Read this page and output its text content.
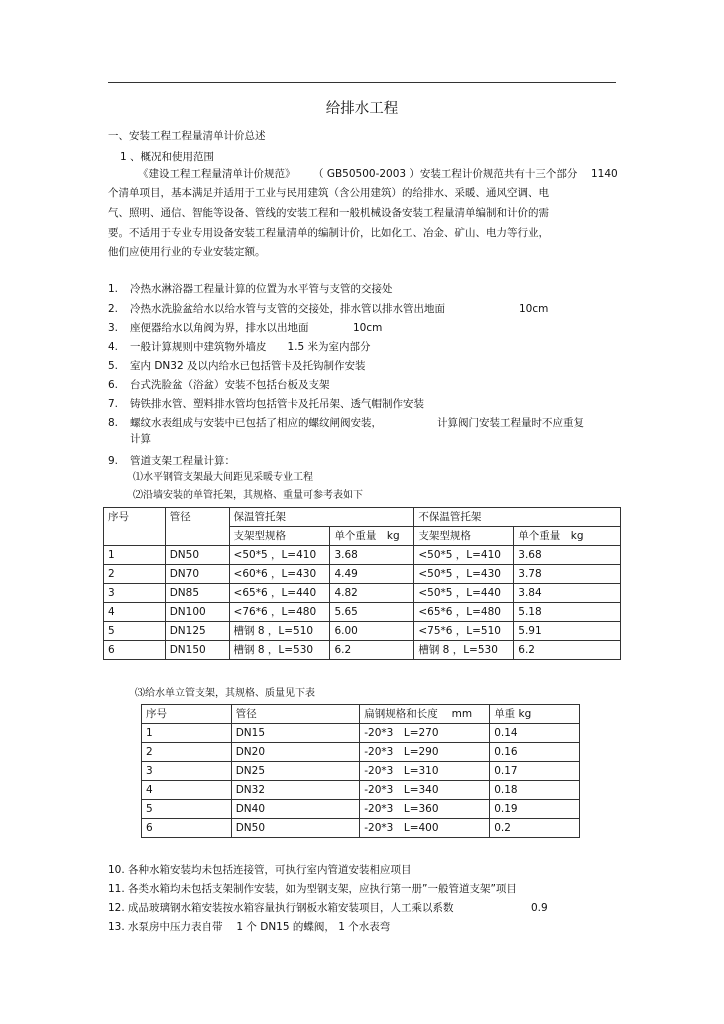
给排水工程
一、安装工程工程量清单计价总述
1 、概况和使用范围
《建设工程工程量清单计价规范》 （ GB50500-2003 ）安装工程计价规范共有十三个部分 1140
个清单项目，基本满足并适用于工业与民用建筑（含公用建筑）的给排水、采暖、通风空调、电
气、照明、通信、智能等设备、管线的安装工程和一般机械设备安装工程量清单编制和计价的需
要。不适用于专业专用设备安装工程量清单的编制计价，比如化工、冶金、矿山、电力等行业，
他们应使用行业的专业安装定额。
1. 冷热水淋浴器工程量计算的位置为水平管与支管的交接处
2. 冷热水洗脸盆给水以给水管与支管的交接处，排水管以排水管出地面	10cm
3. 座便器给水以角阀为界，排水以出地面	10cm
4. 一般计算规则中建筑物外墙皮　　1.5 米为室内部分
5. 室内 DN32 及以内给水已包括管卡及托钩制作安装
6. 台式洗脸盆（浴盆）安装不包括台板及支架
7. 铸铁排水管、塑料排水管均包括管卡及托吊架、透气帽制作安装
8. 螺纹水表组成与安装中已包括了相应的螺纹闸阀安装，	计算阀门安装工程量时不应重复
计算
9. 管道支架工程量计算：
⑴水平钢管支架最大间距见采暖专业工程
⑵沿墙安装的单管托架，其规格、重量可参考表如下
序号	管径	保温管托架		不保温管托架	
		支架型规格	单个重量　kg	支架型规格	单个重量　kg
1	DN50	<50*5 ，L=410	3.68	<50*5 ，L=410	3.68
2	DN70	<60*6 ，L=430	4.49	<50*5 ，L=430	3.78
3	DN85	<65*6 ，L=440	4.82	<50*5 ，L=440	3.84
4	DN100	<76*6 ，L=480	5.65	<65*6 ，L=480	5.18
5	DN125	槽钢 8 ，L=510	6.00	<75*6 ，L=510	5.91
6	DN150	槽钢 8 ，L=530	6.2	槽钢 8 ，L=530	6.2
⑶给水单立管支架，其规格、质量见下表
序号	管径	扁钢规格和长度　 mm	单重 kg
1	DN15	-20*3　L=270	0.14
2	DN20	-20*3　L=290	0.16
3	DN25	-20*3　L=310	0.17
4	DN32	-20*3　L=340	0.18
5	DN40	-20*3　L=360	0.19
6	DN50	-20*3　L=400	0.2
10. 各种水箱安装均未包括连接管，可执行室内管道安装相应项目
11. 各类水箱均未包括支架制作安装，如为型钢支架，应执行第一册”一般管道支架”项目
12. 成品玻璃钢水箱安装按水箱容量执行钢板水箱安装项目，人工乘以系数	0.9
13. 水泵房中压力表自带　 1 个 DN15 的蝶阀， 1 个水表弯
